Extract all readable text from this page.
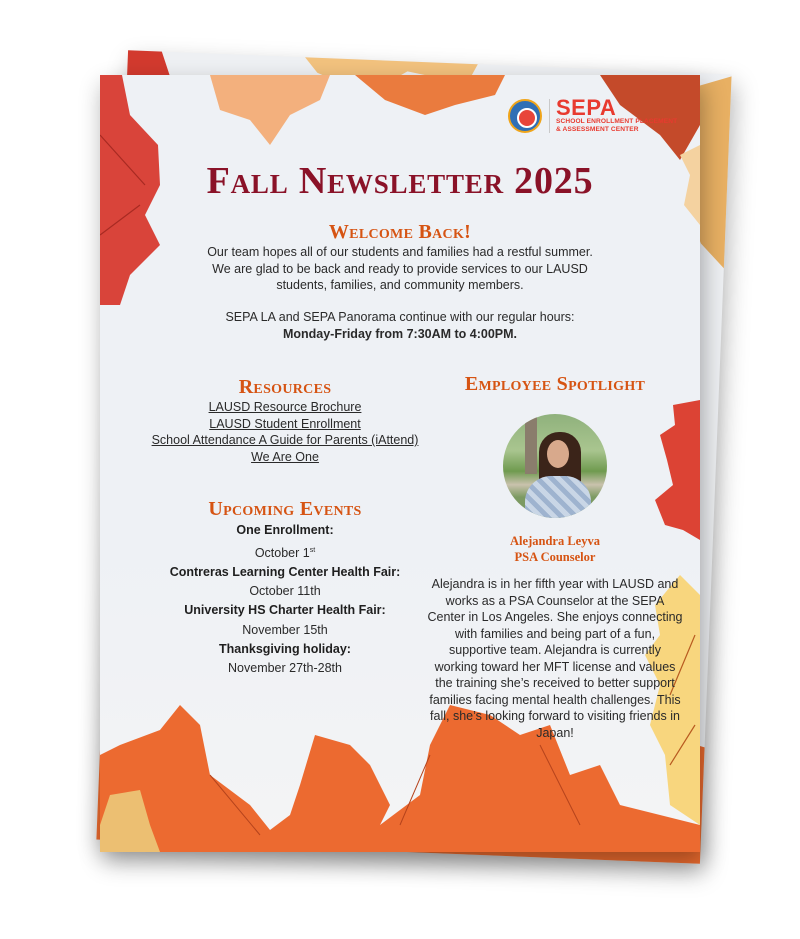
SEPA
SCHOOL ENROLLMENT PLACEMENT
& ASSESSMENT CENTER
Fall Newsletter 2025
Welcome Back!
Our team hopes all of our students and families had a restful summer. We are glad to be back and ready to provide services to our LAUSD students, families, and community members.
SEPA LA and SEPA Panorama continue with our regular hours:
Monday-Friday from 7:30AM to 4:00PM.
Resources
LAUSD Resource Brochure
LAUSD Student Enrollment
School Attendance A Guide for Parents (iAttend)
We Are One
Upcoming Events
One Enrollment:
October 1st
Contreras Learning Center Health Fair:
October 11th
University HS Charter Health Fair:
November 15th
Thanksgiving holiday:
November 27th-28th
Employee Spotlight
Alejandra Leyva
PSA Counselor
Alejandra is in her fifth year with LAUSD and works as a PSA Counselor at the SEPA Center in Los Angeles. She enjoys connecting with families and being part of a fun, supportive team. Alejandra is currently working toward her MFT license and values the training she’s received to better support families facing mental health challenges. This fall, she’s looking forward to visiting friends in Japan!
